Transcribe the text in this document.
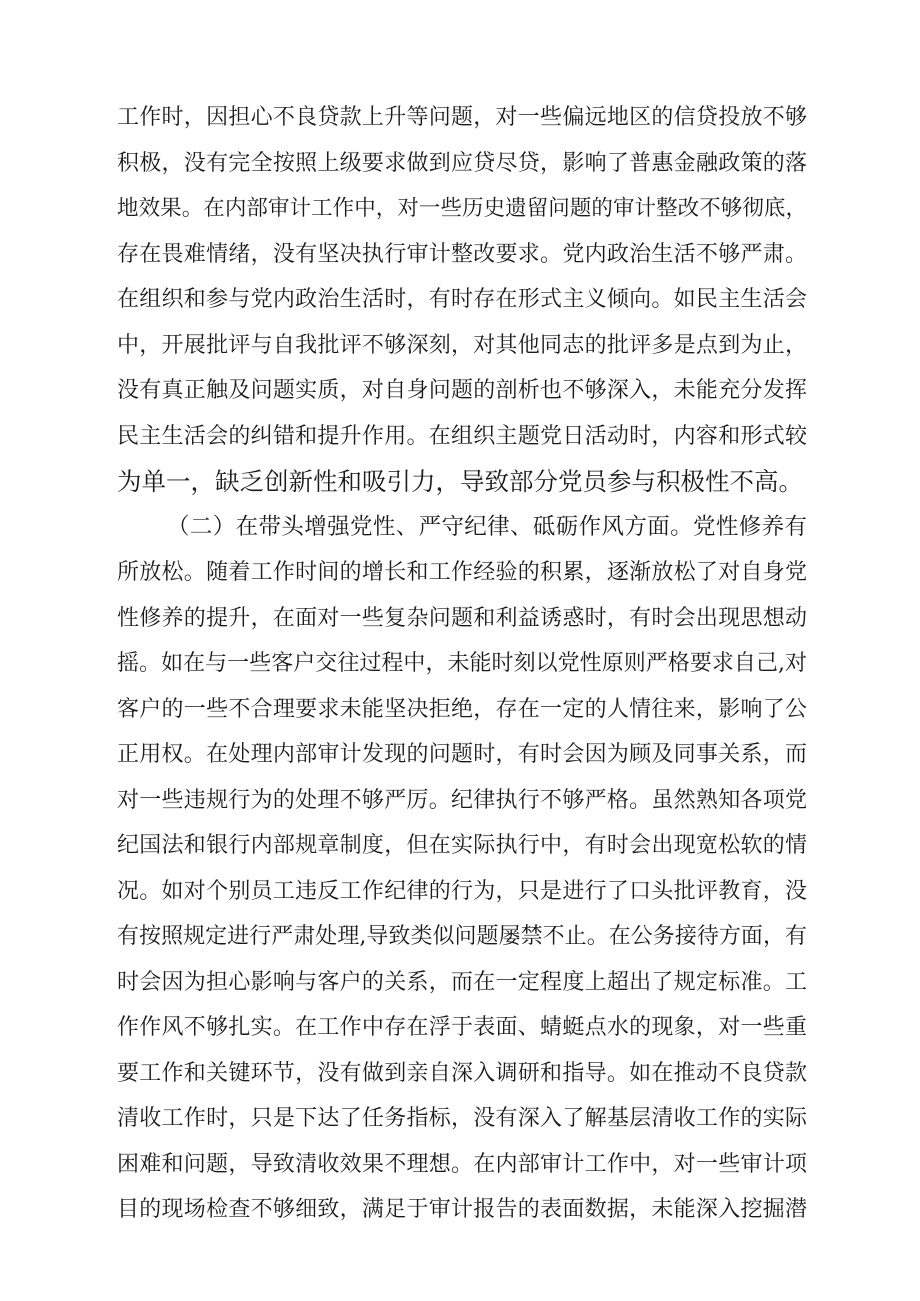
工作时，因担心不良贷款上升等问题，对一些偏远地区的信贷投放不够
积极，没有完全按照上级要求做到应贷尽贷，影响了普惠金融政策的落
地效果。在内部审计工作中，对一些历史遗留问题的审计整改不够彻底，
存在畏难情绪，没有坚决执行审计整改要求。党内政治生活不够严肃。
在组织和参与党内政治生活时，有时存在形式主义倾向。如民主生活会
中，开展批评与自我批评不够深刻，对其他同志的批评多是点到为止，
没有真正触及问题实质，对自身问题的剖析也不够深入，未能充分发挥
民主生活会的纠错和提升作用。在组织主题党日活动时，内容和形式较
为单一，缺乏创新性和吸引力，导致部分党员参与积极性不高。
（二）在带头增强党性、严守纪律、砥砺作风方面。党性修养有
所放松。随着工作时间的增长和工作经验的积累，逐渐放松了对自身党
性修养的提升，在面对一些复杂问题和利益诱惑时，有时会出现思想动
摇。如在与一些客户交往过程中，未能时刻以党性原则严格要求自己,对
客户的一些不合理要求未能坚决拒绝，存在一定的人情往来，影响了公
正用权。在处理内部审计发现的问题时，有时会因为顾及同事关系，而
对一些违规行为的处理不够严厉。纪律执行不够严格。虽然熟知各项党
纪国法和银行内部规章制度，但在实际执行中，有时会出现宽松软的情
况。如对个别员工违反工作纪律的行为，只是进行了口头批评教育，没
有按照规定进行严肃处理,导致类似问题屡禁不止。在公务接待方面，有
时会因为担心影响与客户的关系，而在一定程度上超出了规定标准。工
作作风不够扎实。在工作中存在浮于表面、蜻蜓点水的现象，对一些重
要工作和关键环节，没有做到亲自深入调研和指导。如在推动不良贷款
清收工作时，只是下达了任务指标，没有深入了解基层清收工作的实际
困难和问题，导致清收效果不理想。在内部审计工作中，对一些审计项
目的现场检查不够细致，满足于审计报告的表面数据，未能深入挖掘潜
